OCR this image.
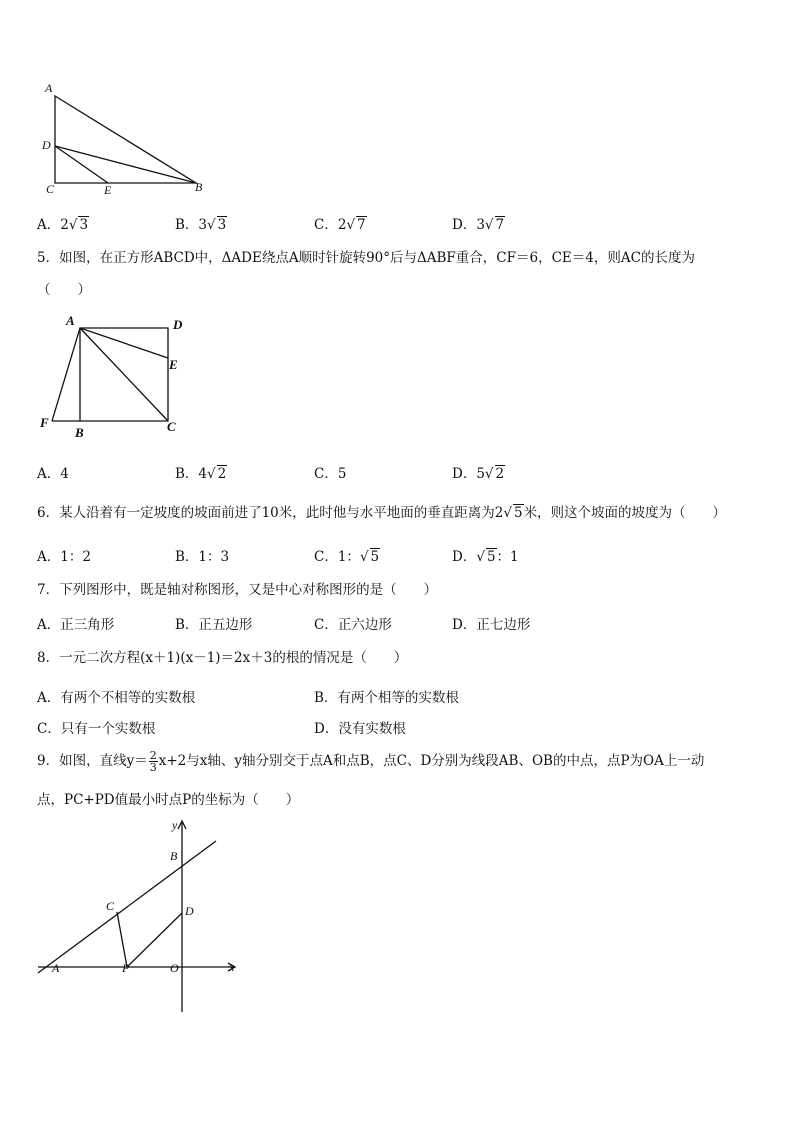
A
D
C	E	B
A．2√ 3	B．3√ 3	C．2√ 7	D．3√ 7
5．如图，在正方形ABCD中，ΔADE绕点A顺时针旋转90°后与ΔABF重合，CF＝6，CE＝4，则AC的长度为
（　　）
A	D
E
F
B	C
A．4	B．4√ 2	C．5	D．5√ 2
6．某人沿着有一定坡度的坡面前进了10米，此时他与水平地面的垂直距离为2√ 5米，则这个坡面的坡度为（　　）
A．1：2	B．1：3	C．1：√ 5	D．√ 5：1
7．下列图形中，既是轴对称图形，又是中心对称图形的是（　　）
A．正三角形	B．正五边形	C．正六边形	D．正七边形
8．一元二次方程(x＋1)(x－1)＝2x＋3的根的情况是（　　）
A．有两个不相等的实数根	B．有两个相等的实数根
C．只有一个实数根	D．没有实数根
9．如图，直线$y= \frac{2}{3} x+2$与x轴、y轴分别交于点A和点B，点C、D分别为线段AB、OB的中点，点P为OA上一动
点，PC+PD值最小时点P的坐标为（　　）
y
x
B
C	D
A	P	O
